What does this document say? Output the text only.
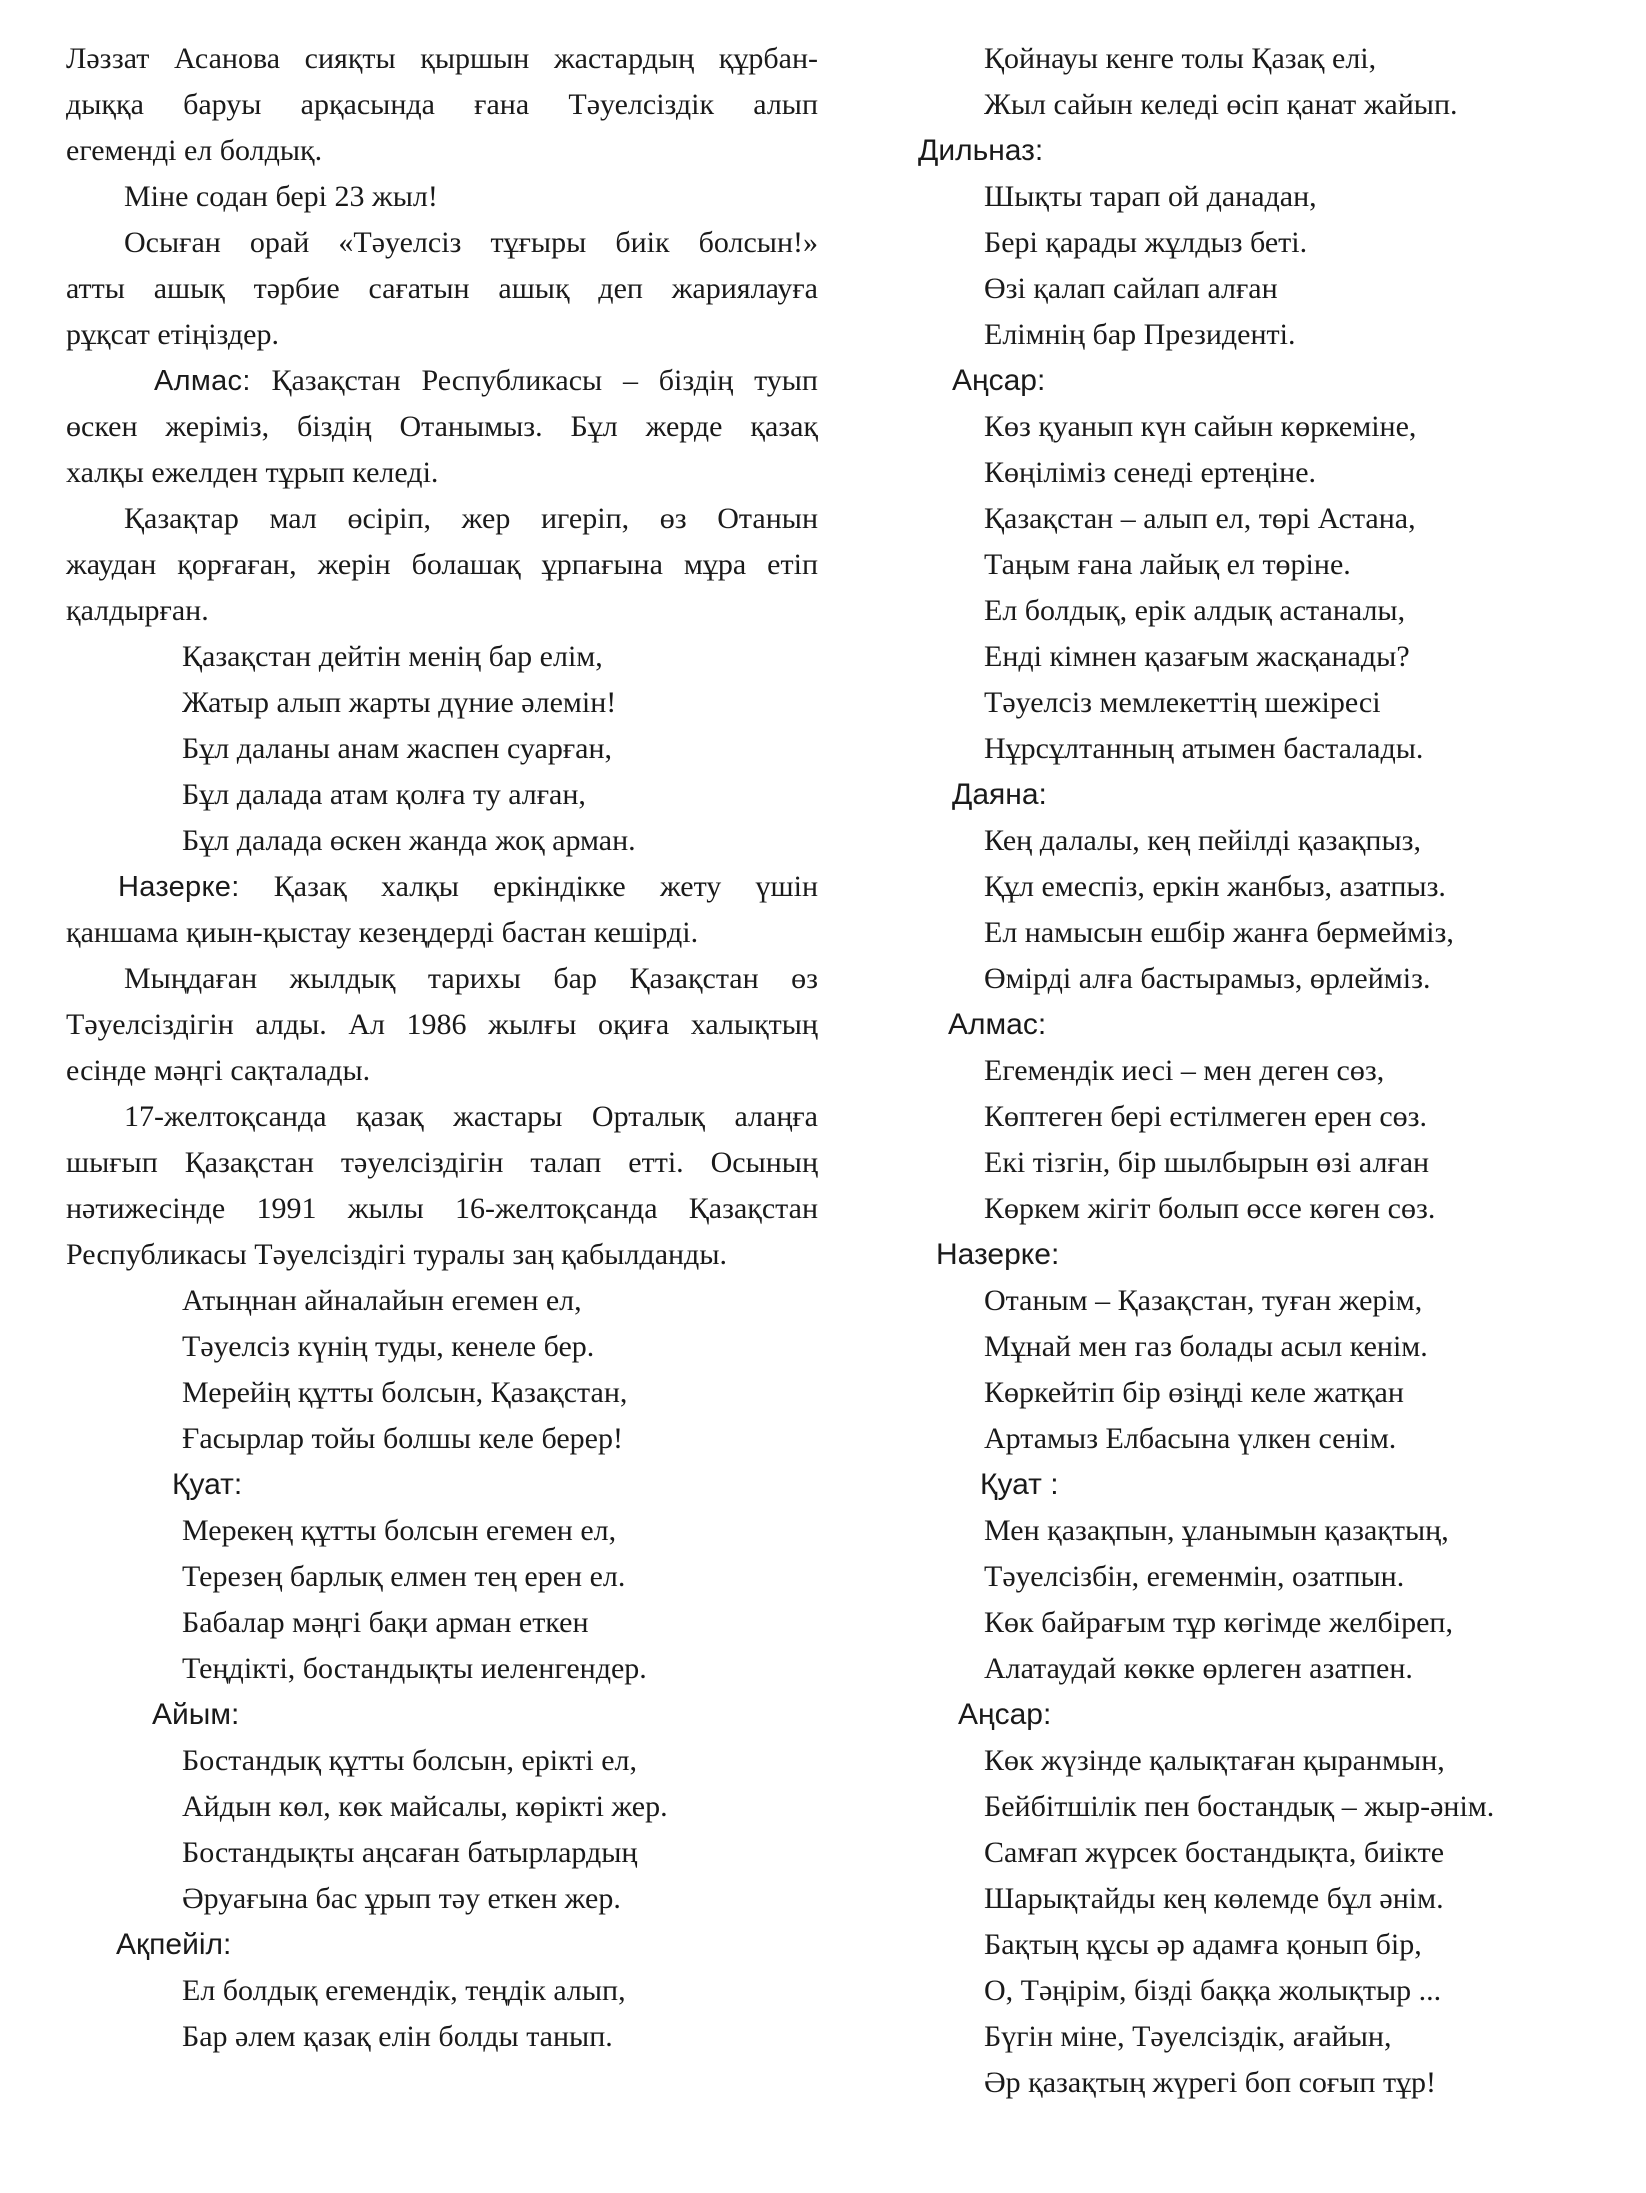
Ләззат Асанова сияқты қыршын жастардың құрбан-
дыққа баруы арқасында ғана Тәуелсіздік алып
егеменді ел болдық.
Міне содан бері 23 жыл!
Осыған орай «Тәуелсіз тұғыры биік болсын!»
атты ашық тәрбие сағатын ашық деп жариялауға
рұқсат етіңіздер.
Алмас: Қазақстан Республикасы – біздің туып
өскен жеріміз, біздің Отанымыз. Бұл жерде қазақ
халқы ежелден тұрып келеді.
Қазақтар мал өсіріп, жер игеріп, өз Отанын
жаудан қорғаған, жерін болашақ ұрпағына мұра етіп
қалдырған.
Қазақстан дейтін менің бар елім,
Жатыр алып жарты дүние әлемін!
Бұл даланы анам жаспен суарған,
Бұл далада атам қолға ту алған,
Бұл далада өскен жанда жоқ арман.
Назерке: Қазақ халқы еркіндікке жету үшін
қаншама қиын-қыстау кезеңдерді бастан кешірді.
Мыңдаған жылдық тарихы бар Қазақстан өз
Тәуелсіздігін алды. Ал 1986 жылғы оқиға халықтың
есінде мәңгі сақталады.
17-желтоқсанда қазақ жастары Орталық алаңға
шығып Қазақстан тәуелсіздігін талап етті. Осының
нәтижесінде 1991 жылы 16-желтоқсанда Қазақстан
Республикасы Тәуелсіздігі туралы заң қабылданды.
Атыңнан айналайын егемен ел,
Тәуелсіз күнің туды, кенеле бер.
Мерейің құтты болсын, Қазақстан,
Ғасырлар тойы болшы келе берер!
Қуат:
Мерекең құтты болсын егемен ел,
Терезең барлық елмен тең ерен ел.
Бабалар мәңгі бақи арман еткен
Теңдікті, бостандықты иеленгендер.
Айым:
Бостандық құтты болсын, ерікті ел,
Айдын көл, көк майсалы, көрікті жер.
Бостандықты аңсаған батырлардың
Әруағына бас ұрып тәу еткен жер.
Ақпейіл:
Ел болдық егемендік, теңдік алып,
Бар әлем қазақ елін болды танып.
Қойнауы кенге толы Қазақ елі,
Жыл сайын келеді өсіп қанат жайып.
Дильназ:
Шықты тарап ой данадан,
Бері қарады жұлдыз беті.
Өзі қалап сайлап алған
Елімнің бар Президенті.
Аңсар:
Көз қуанып күн сайын көркеміне,
Көңіліміз сенеді ертеңіне.
Қазақстан – алып ел, төрі Астана,
Таңым ғана лайық ел төріне.
Ел болдық, ерік алдық астаналы,
Енді кімнен қазағым жасқанады?
Тәуелсіз мемлекеттің шежіресі
Нұрсұлтанның атымен басталады.
Даяна:
Кең далалы, кең пейілді қазақпыз,
Құл емеспіз, еркін жанбыз, азатпыз.
Ел намысын ешбір жанға бермейміз,
Өмірді алға бастырамыз, өрлейміз.
Алмас:
Егемендік иесі – мен деген сөз,
Көптеген бері естілмеген ерен сөз.
Екі тізгін, бір шылбырын өзі алған
Көркем жігіт болып өссе көген сөз.
Назерке:
Отаным – Қазақстан, туған жерім,
Мұнай мен газ болады асыл кенім.
Көркейтіп бір өзіңді келе жатқан
Артамыз Елбасына үлкен сенім.
Қуат :
Мен қазақпын, ұланымын қазақтың,
Тәуелсізбін, егеменмін, озатпын.
Көк байрағым тұр көгімде желбіреп,
Алатаудай көкке өрлеген азатпен.
Аңсар:
Көк жүзінде қалықтаған қыранмын,
Бейбітшілік пен бостандық – жыр-әнім.
Самғап жүрсек бостандықта, биікте
Шарықтайды кең көлемде бұл әнім.
Бақтың құсы әр адамға қонып бір,
О, Тәңірім, бізді баққа жолықтыр ...
Бүгін міне, Тәуелсіздік, ағайын,
Әр қазақтың жүрегі боп соғып тұр!
